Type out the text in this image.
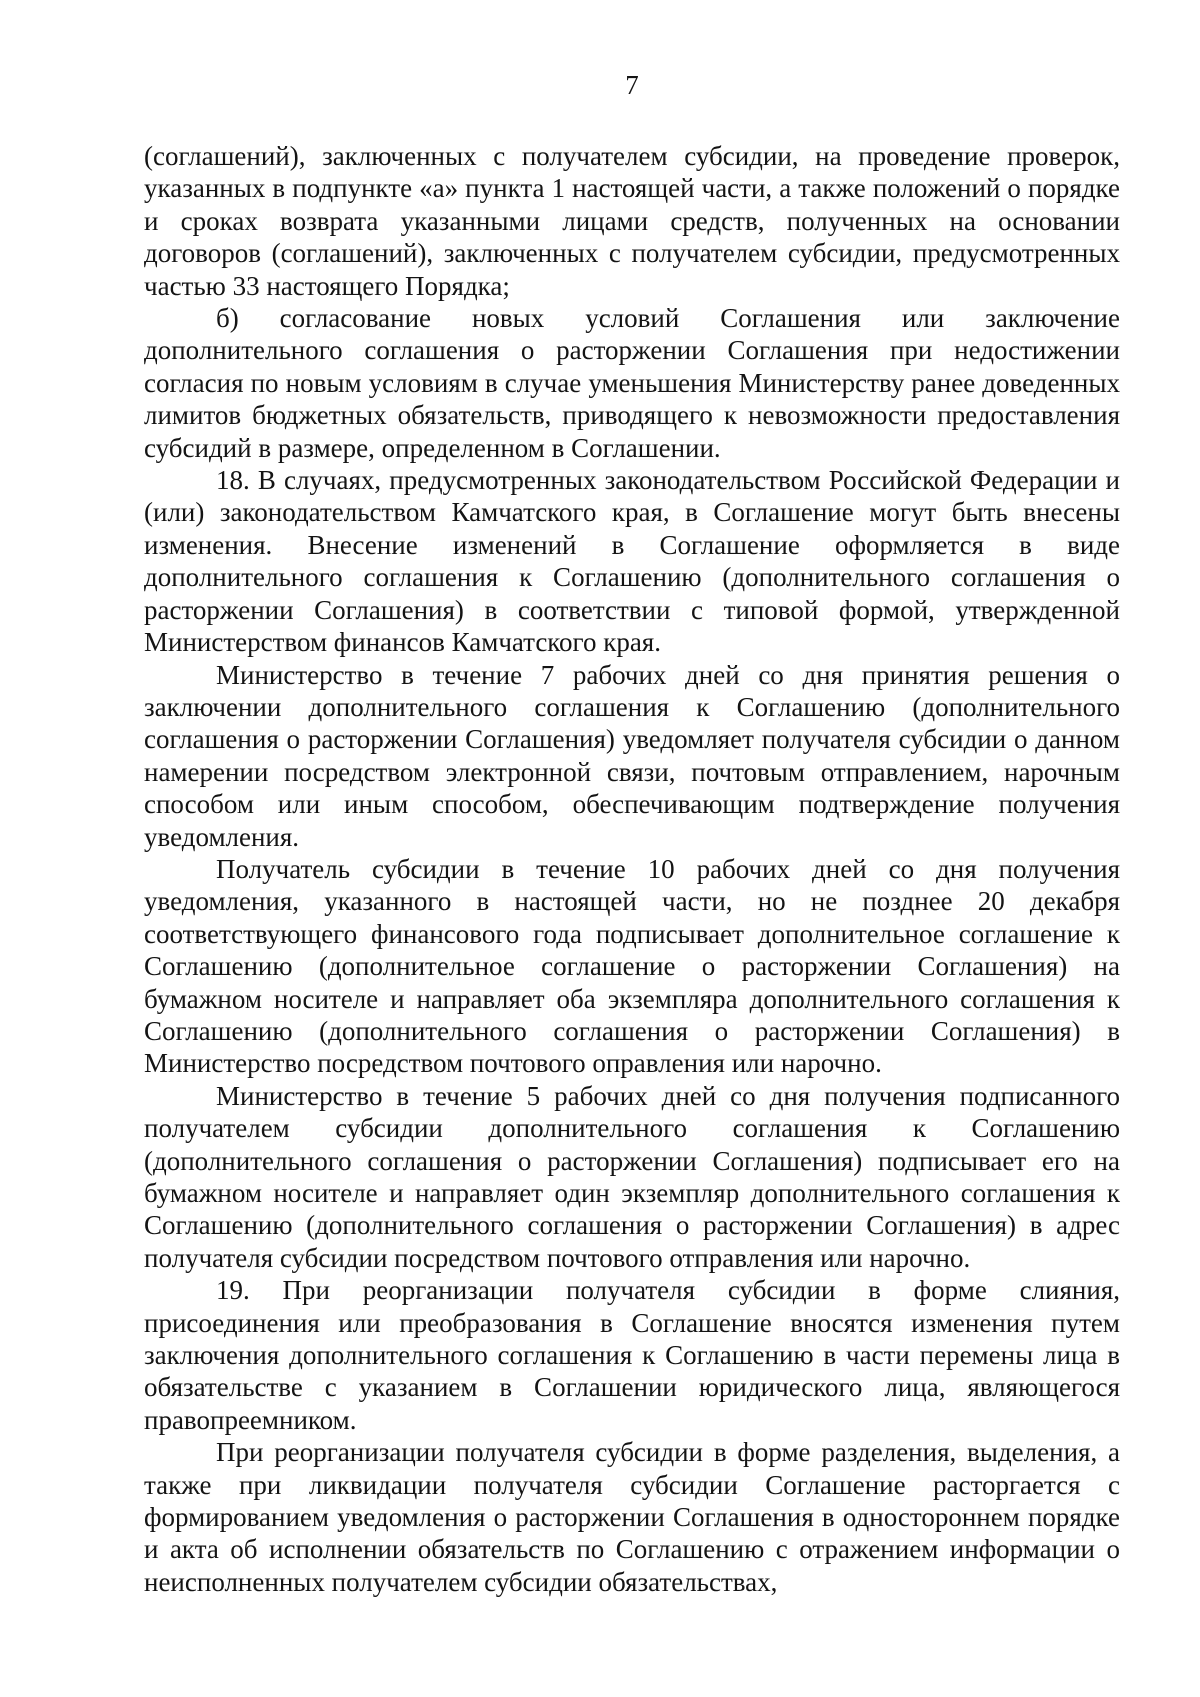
7

(соглашений), заключенных с получателем субсидии, на проведение проверок, указанных в подпункте «а» пункта 1 настоящей части, а также положений о порядке и сроках возврата указанными лицами средств, полученных на основании договоров (соглашений), заключенных с получателем субсидии, предусмотренных частью 33 настоящего Порядка;

б) согласование новых условий Соглашения или заключение дополнительного соглашения о расторжении Соглашения при недостижении согласия по новым условиям в случае уменьшения Министерству ранее доведенных лимитов бюджетных обязательств, приводящего к невозможности предоставления субсидий в размере, определенном в Соглашении.

18. В случаях, предусмотренных законодательством Российской Федерации и (или) законодательством Камчатского края, в Соглашение могут быть внесены изменения. Внесение изменений в Соглашение оформляется в виде дополнительного соглашения к Соглашению (дополнительного соглашения о расторжении Соглашения) в соответствии с типовой формой, утвержденной Министерством финансов Камчатского края.

Министерство в течение 7 рабочих дней со дня принятия решения о заключении дополнительного соглашения к Соглашению (дополнительного соглашения о расторжении Соглашения) уведомляет получателя субсидии о данном намерении посредством электронной связи, почтовым отправлением, нарочным способом или иным способом, обеспечивающим подтверждение получения уведомления.

Получатель субсидии в течение 10 рабочих дней со дня получения уведомления, указанного в настоящей части, но не позднее 20 декабря соответствующего финансового года подписывает дополнительное соглашение к Соглашению (дополнительное соглашение о расторжении Соглашения) на бумажном носителе и направляет оба экземпляра дополнительного соглашения к Соглашению (дополнительного соглашения о расторжении Соглашения) в Министерство посредством почтового оправления или нарочно.

Министерство в течение 5 рабочих дней со дня получения подписанного получателем субсидии дополнительного соглашения к Соглашению (дополнительного соглашения о расторжении Соглашения) подписывает его на бумажном носителе и направляет один экземпляр дополнительного соглашения к Соглашению (дополнительного соглашения о расторжении Соглашения) в адрес получателя субсидии посредством почтового отправления или нарочно.

19. При реорганизации получателя субсидии в форме слияния, присоединения или преобразования в Соглашение вносятся изменения путем заключения дополнительного соглашения к Соглашению в части перемены лица в обязательстве с указанием в Соглашении юридического лица, являющегося правопреемником.

При реорганизации получателя субсидии в форме разделения, выделения, а также при ликвидации получателя субсидии Соглашение расторгается с формированием уведомления о расторжении Соглашения в одностороннем порядке и акта об исполнении обязательств по Соглашению с отражением информации о неисполненных получателем субсидии обязательствах,
